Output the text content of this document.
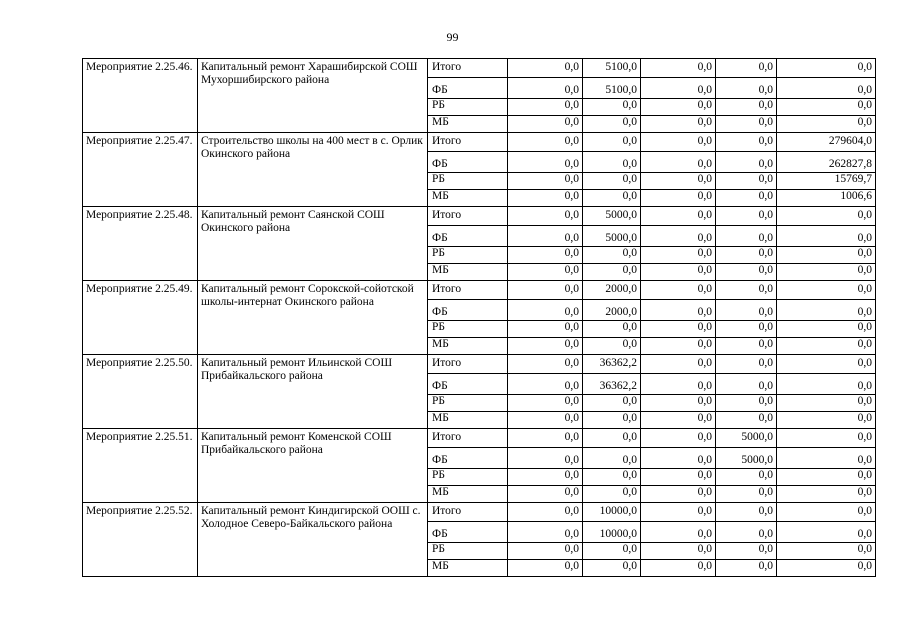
99
Мероприятие 2.25.46.	Капитальный ремонт Харашибирской СОШ Мухоршибирского района	Итого	0,0	5100,0	0,0	0,0	0,0
		ФБ	0,0	5100,0	0,0	0,0	0,0
		РБ	0,0	0,0	0,0	0,0	0,0
		МБ	0,0	0,0	0,0	0,0	0,0
Мероприятие 2.25.47.	Строительство школы на 400 мест в с. Орлик Окинского района	Итого	0,0	0,0	0,0	0,0	279604,0
		ФБ	0,0	0,0	0,0	0,0	262827,8
		РБ	0,0	0,0	0,0	0,0	15769,7
		МБ	0,0	0,0	0,0	0,0	1006,6
Мероприятие 2.25.48.	Капитальный ремонт Саянской СОШ Окинского района	Итого	0,0	5000,0	0,0	0,0	0,0
		ФБ	0,0	5000,0	0,0	0,0	0,0
		РБ	0,0	0,0	0,0	0,0	0,0
		МБ	0,0	0,0	0,0	0,0	0,0
Мероприятие 2.25.49.	Капитальный ремонт Сорокской-сойотской школы-интернат Окинского района	Итого	0,0	2000,0	0,0	0,0	0,0
		ФБ	0,0	2000,0	0,0	0,0	0,0
		РБ	0,0	0,0	0,0	0,0	0,0
		МБ	0,0	0,0	0,0	0,0	0,0
Мероприятие 2.25.50.	Капитальный ремонт Ильинской СОШ Прибайкальского района	Итого	0,0	36362,2	0,0	0,0	0,0
		ФБ	0,0	36362,2	0,0	0,0	0,0
		РБ	0,0	0,0	0,0	0,0	0,0
		МБ	0,0	0,0	0,0	0,0	0,0
Мероприятие 2.25.51.	Капитальный ремонт Коменской СОШ Прибайкальского района	Итого	0,0	0,0	0,0	5000,0	0,0
		ФБ	0,0	0,0	0,0	5000,0	0,0
		РБ	0,0	0,0	0,0	0,0	0,0
		МБ	0,0	0,0	0,0	0,0	0,0
Мероприятие 2.25.52.	Капитальный ремонт Киндигирской ООШ с. Холодное Северо-Байкальского района	Итого	0,0	10000,0	0,0	0,0	0,0
		ФБ	0,0	10000,0	0,0	0,0	0,0
		РБ	0,0	0,0	0,0	0,0	0,0
		МБ	0,0	0,0	0,0	0,0	0,0
